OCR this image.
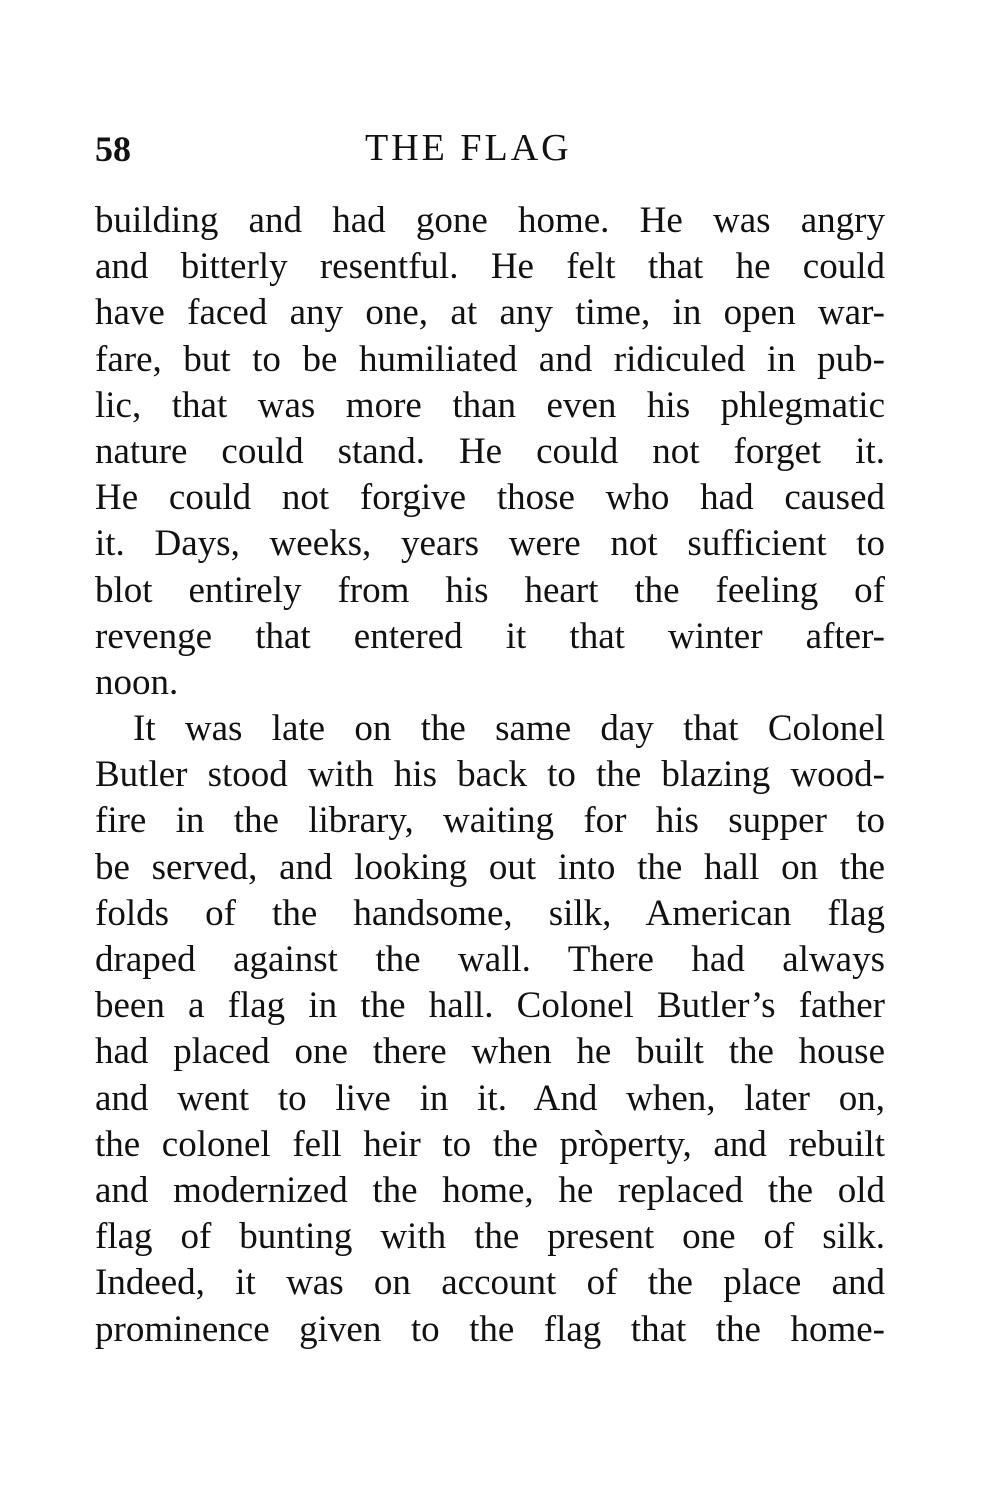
58	THE FLAG
building and had gone home. He was angry
and bitterly resentful. He felt that he could
have faced any one, at any time, in open war-
fare, but to be humiliated and ridiculed in pub-
lic, that was more than even his phlegmatic
nature could stand. He could not forget it.
He could not forgive those who had caused
it. Days, weeks, years were not sufficient to
blot entirely from his heart the feeling of
revenge that entered it that winter after-
noon.
It was late on the same day that Colonel
Butler stood with his back to the blazing wood-
fire in the library, waiting for his supper to
be served, and looking out into the hall on the
folds of the handsome, silk, American flag
draped against the wall. There had always
been a flag in the hall. Colonel Butler’s father
had placed one there when he built the house
and went to live in it. And when, later on,
the colonel fell heir to the pròperty, and rebuilt
and modernized the home, he replaced the old
flag of bunting with the present one of silk.
Indeed, it was on account of the place and
prominence given to the flag that the home-
